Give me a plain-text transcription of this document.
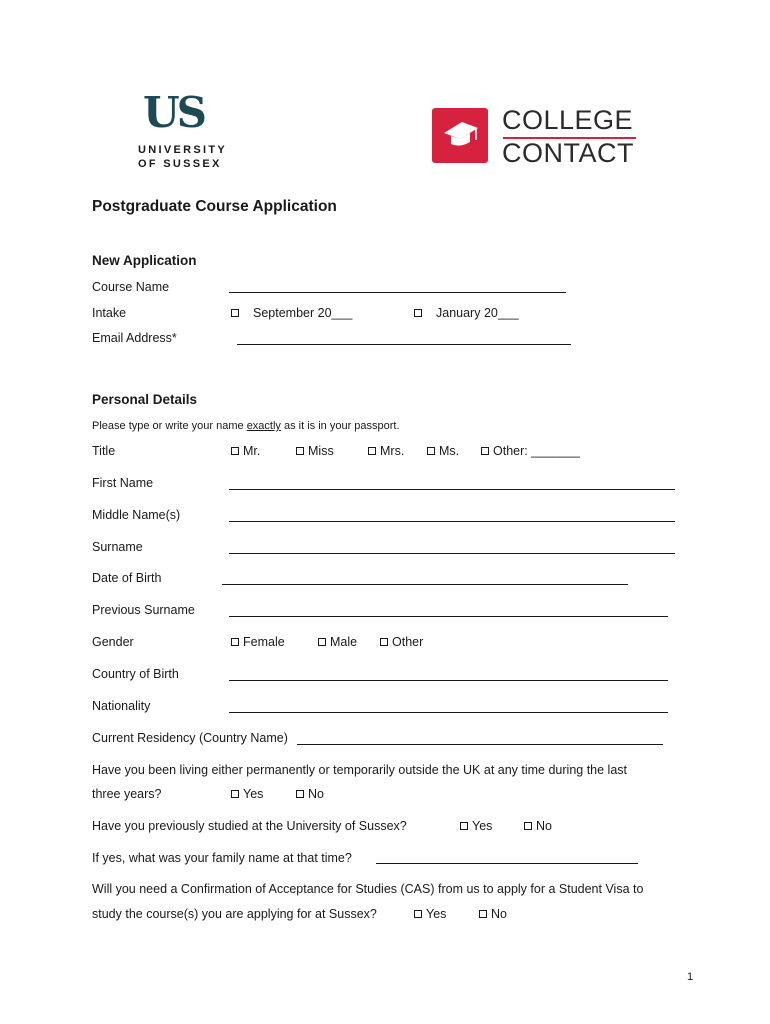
US
UNIVERSITY
OF SUSSEX
COLLEGE
CONTACT
Postgraduate Course Application
New Application
Course Name
Intake	September 20___	January 20___
Email Address*
Personal Details
Please type or write your name exactly as it is in your passport.
Title	Mr.	Miss	Mrs.	Ms.	Other: _______
First Name
Middle Name(s)
Surname
Date of Birth
Previous Surname
Gender	Female	Male	Other
Country of Birth
Nationality
Current Residency (Country Name)
Have you been living either permanently or temporarily outside the UK at any time during the last
three years?	Yes	No
Have you previously studied at the University of Sussex?	Yes	No
If yes, what was your family name at that time?
Will you need a Confirmation of Acceptance for Studies (CAS) from us to apply for a Student Visa to
study the course(s) you are applying for at Sussex?	Yes	No
1
